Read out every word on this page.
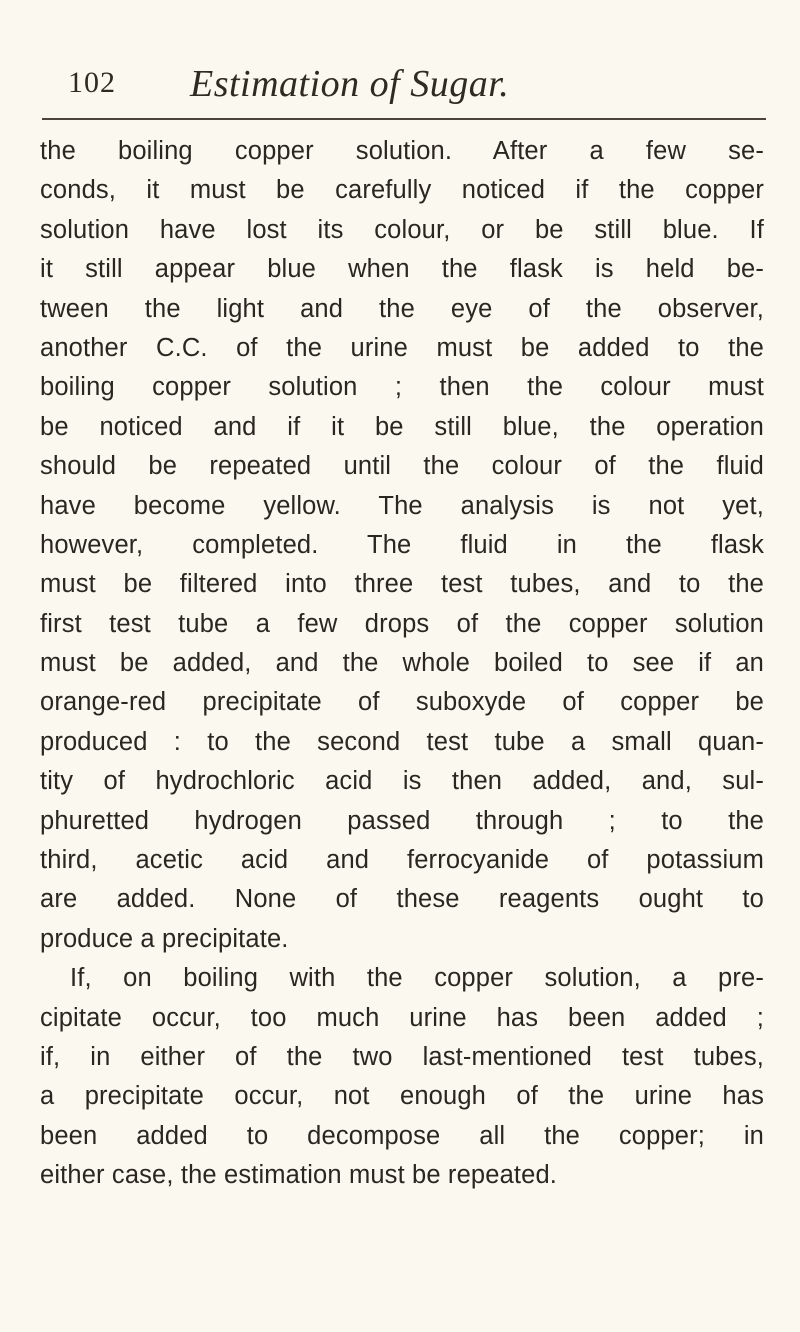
102 Estimation of Sugar.
the boiling copper solution. After a few se-
conds, it must be carefully noticed if the copper
solution have lost its colour, or be still blue. If
it still appear blue when the flask is held be-
tween the light and the eye of the observer,
another C.C. of the urine must be added to the
boiling copper solution ; then the colour must
be noticed and if it be still blue, the operation
should be repeated until the colour of the fluid
have become yellow. The analysis is not yet,
however, completed. The fluid in the flask
must be filtered into three test tubes, and to the
first test tube a few drops of the copper solution
must be added, and the whole boiled to see if an
orange-red precipitate of suboxyde of copper be
produced : to the second test tube a small quan-
tity of hydrochloric acid is then added, and, sul-
phuretted hydrogen passed through ; to the
third, acetic acid and ferrocyanide of potassium
are added. None of these reagents ought to
produce a precipitate.
If, on boiling with the copper solution, a pre-
cipitate occur, too much urine has been added ;
if, in either of the two last-mentioned test tubes,
a precipitate occur, not enough of the urine has
been added to decompose all the copper; in
either case, the estimation must be repeated.
